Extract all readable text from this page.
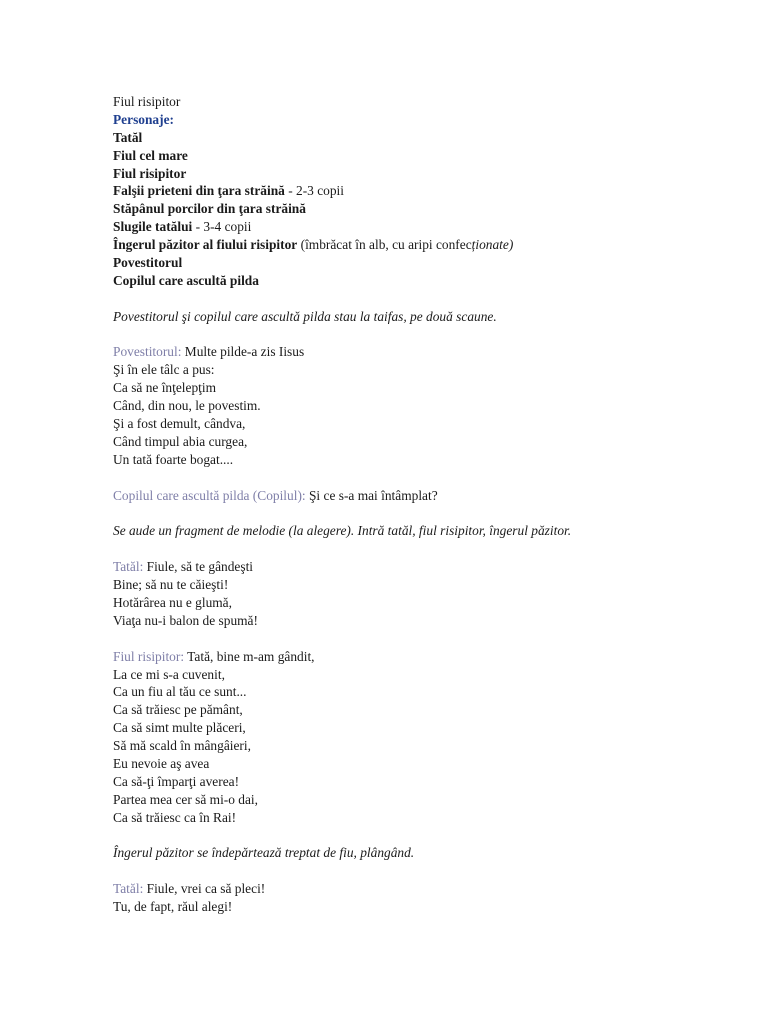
Fiul risipitor
Personaje:
Tatăl
Fiul cel mare
Fiul risipitor
Falşii prieteni din ţara străină - 2-3 copii
Stăpânul porcilor din ţara străină
Slugile tatălui - 3-4 copii
Îngerul păzitor al fiului risipitor (îmbrăcat în alb, cu aripi confecționate)
Povestitorul
Copilul care ascultă pilda
Povestitorul şi copilul care ascultă pilda stau la taifas, pe două scaune.
Povestitorul: Multe pilde-a zis Iisus
Şi în ele tâlc a pus:
Ca să ne înţelepţim
Când, din nou, le povestim.
Şi a fost demult, cândva,
Când timpul abia curgea,
Un tată foarte bogat....
Copilul care ascultă pilda (Copilul): Şi ce s-a mai întâmplat?
Se aude un fragment de melodie (la alegere). Intră tatăl, fiul risipitor, îngerul păzitor.
Tatăl: Fiule, să te gândeşti
Bine; să nu te căieşti!
Hotărârea nu e glumă,
Viaţa nu-i balon de spumă!
Fiul risipitor: Tată, bine m-am gândit,
La ce mi s-a cuvenit,
Ca un fiu al tău ce sunt...
Ca să trăiesc pe pământ,
Ca să simt multe plăceri,
Să mă scald în mângâieri,
Eu nevoie aş avea
Ca să-ţi împarţi averea!
Partea mea cer să mi-o dai,
Ca să trăiesc ca în Rai!
Îngerul păzitor se îndepărtează treptat de fiu, plângând.
Tatăl: Fiule, vrei ca să pleci!
Tu, de fapt, răul alegi!
